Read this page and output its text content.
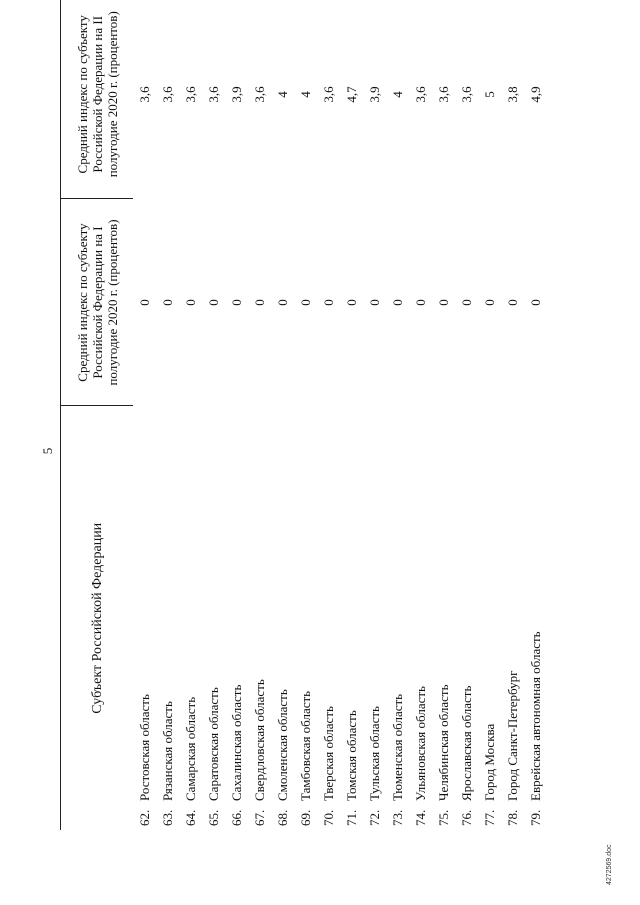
5
Субъект Российской Федерации	Средний индекс по субъекту Российской Федерации на I полугодие 2020 г. (процентов)	Средний индекс по субъекту Российской Федерации на II полугодие 2020 г. (процентов)
62.Ростовская область	0	3,6
63.Рязанская область	0	3,6
64.Самарская область	0	3,6
65.Саратовская область	0	3,6
66.Сахалинская область	0	3,9
67.Свердловская область	0	3,6
68.Смоленская область	0	4
69.Тамбовская область	0	4
70.Тверская область	0	3,6
71.Томская область	0	4,7
72.Тульская область	0	3,9
73.Тюменская область	0	4
74.Ульяновская область	0	3,6
75.Челябинская область	0	3,6
76.Ярославская область	0	3,6
77.Город Москва	0	5
78.Город Санкт-Петербург	0	3,8
79.Еврейская автономная область	0	4,9
4272569.doc
